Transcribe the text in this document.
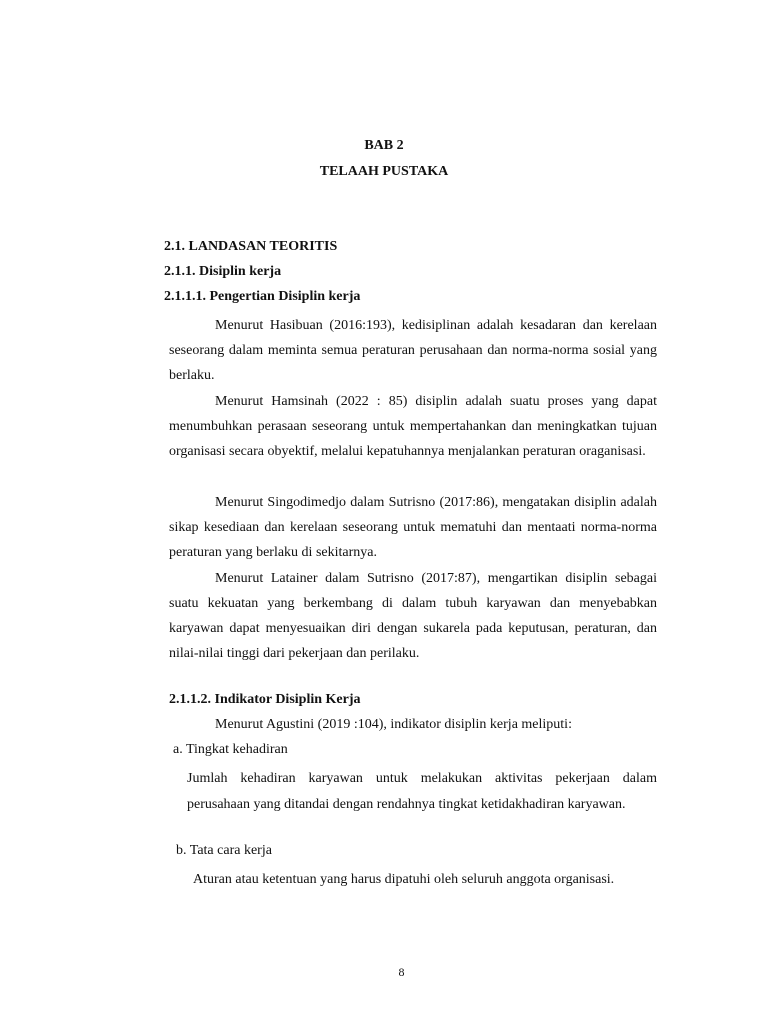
BAB 2
TELAAH PUSTAKA
2.1. LANDASAN TEORITIS
2.1.1. Disiplin kerja
2.1.1.1. Pengertian Disiplin kerja
Menurut Hasibuan (2016:193), kedisiplinan adalah kesadaran dan kerelaan seseorang dalam meminta semua peraturan perusahaan dan norma-norma sosial yang berlaku.
Menurut Hamsinah (2022 : 85) disiplin adalah suatu proses yang dapat menumbuhkan perasaan seseorang untuk mempertahankan dan meningkatkan tujuan organisasi secara obyektif, melalui kepatuhannya menjalankan peraturan oraganisasi.
Menurut Singodimedjo dalam Sutrisno (2017:86), mengatakan disiplin adalah sikap kesediaan dan kerelaan seseorang untuk mematuhi dan mentaati norma-norma peraturan yang berlaku di sekitarnya.
Menurut Latainer dalam Sutrisno (2017:87), mengartikan disiplin sebagai suatu kekuatan yang berkembang di dalam tubuh karyawan dan menyebabkan karyawan dapat menyesuaikan diri dengan sukarela pada keputusan, peraturan, dan nilai-nilai tinggi dari pekerjaan dan perilaku.
2.1.1.2. Indikator Disiplin Kerja
Menurut Agustini (2019 :104), indikator disiplin kerja meliputi:
a. Tingkat kehadiran
Jumlah kehadiran karyawan untuk melakukan aktivitas pekerjaan dalam perusahaan yang ditandai dengan rendahnya tingkat ketidakhadiran karyawan.
b. Tata cara kerja
Aturan atau ketentuan yang harus dipatuhi oleh seluruh anggota organisasi.
8
